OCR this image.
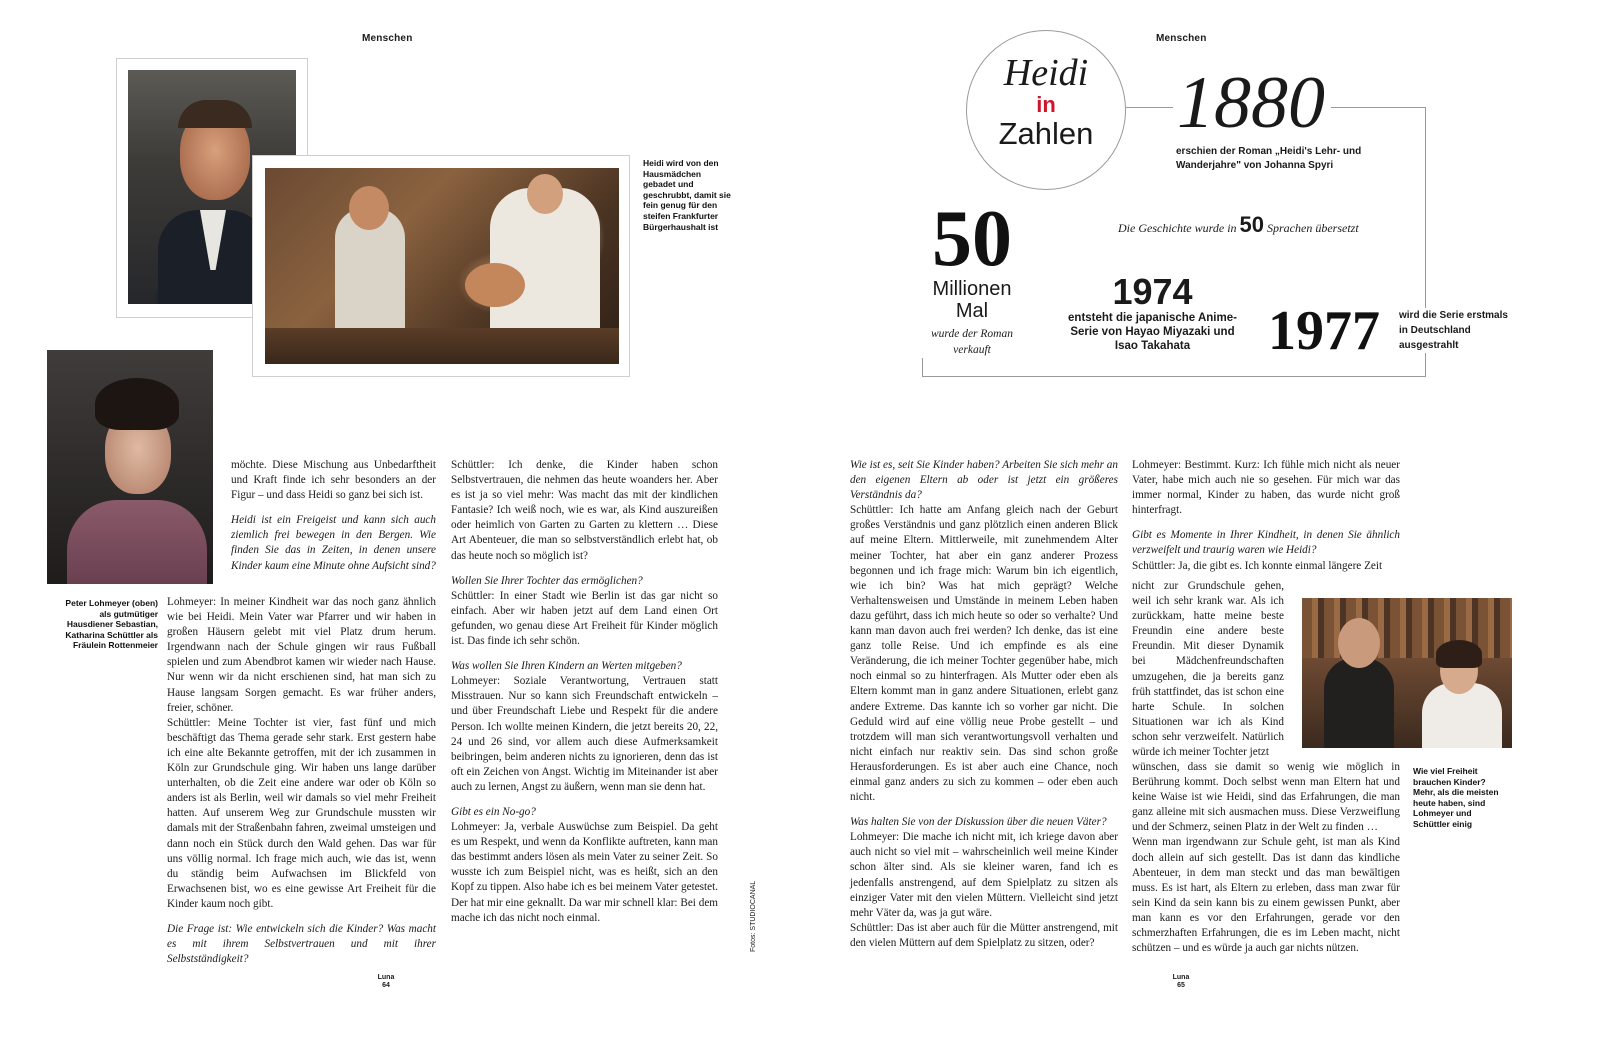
Menschen
Heidi wird von den Hausmädchen gebadet und geschrubbt, damit sie fein genug für den steifen Frankfurter Bürgerhaushalt ist
Peter Lohmeyer (oben) als gutmütiger Hausdiener Sebastian, Katharina Schüttler als Fräulein Rottenmeier

möchte. Diese Mischung aus Unbedarftheit und Kraft finde ich sehr besonders an der Figur – und dass Heidi so ganz bei sich ist.

Heidi ist ein Freigeist und kann sich auch ziemlich frei bewegen in den Bergen. Wie finden Sie das in Zeiten, in denen unsere Kinder kaum eine Minute ohne Aufsicht sind?

Lohmeyer: In meiner Kindheit war das noch ganz ähnlich wie bei Heidi. Mein Vater war Pfarrer und wir haben in großen Häusern gelebt mit viel Platz drum herum. Irgendwann nach der Schule gingen wir raus Fußball spielen und zum Abendbrot kamen wir wieder nach Hause. Nur wenn wir da nicht erschienen sind, hat man sich zu Hause langsam Sorgen gemacht. Es war früher anders, freier, schöner.

Schüttler: Meine Tochter ist vier, fast fünf und mich beschäftigt das Thema gerade sehr stark. Erst gestern habe ich eine alte Bekannte getroffen, mit der ich zusammen in Köln zur Grundschule ging. Wir haben uns lange darüber unterhalten, ob die Zeit eine andere war oder ob Köln so anders ist als Berlin, weil wir damals so viel mehr Freiheit hatten. Auf unserem Weg zur Grundschule mussten wir damals mit der Straßenbahn fahren, zweimal umsteigen und dann noch ein Stück durch den Wald gehen. Das war für uns völlig normal. Ich frage mich auch, wie das ist, wenn du ständig beim Aufwachsen im Blickfeld von Erwachsenen bist, wo es eine gewisse Art Freiheit für die Kinder kaum noch gibt.

Die Frage ist: Wie entwickeln sich die Kinder? Was macht es mit ihrem Selbstvertrauen und mit ihrer Selbstständigkeit?

Schüttler: Ich denke, die Kinder haben schon Selbstvertrauen, die nehmen das heute woanders her. Aber es ist ja so viel mehr: Was macht das mit der kindlichen Fantasie? Ich weiß noch, wie es war, als Kind auszureißen oder heimlich von Garten zu Garten zu klettern … Diese Art Abenteuer, die man so selbstverständlich erlebt hat, ob das heute noch so möglich ist?

Wollen Sie Ihrer Tochter das ermöglichen?

Schüttler: In einer Stadt wie Berlin ist das gar nicht so einfach. Aber wir haben jetzt auf dem Land einen Ort gefunden, wo genau diese Art Freiheit für Kinder möglich ist. Das finde ich sehr schön.

Was wollen Sie Ihren Kindern an Werten mitgeben?

Lohmeyer: Soziale Verantwortung, Vertrauen statt Misstrauen. Nur so kann sich Freundschaft entwickeln – und über Freundschaft Liebe und Respekt für die andere Person. Ich wollte meinen Kindern, die jetzt bereits 20, 22, 24 und 26 sind, vor allem auch diese Aufmerksamkeit beibringen, beim anderen nichts zu ignorieren, denn das ist oft ein Zeichen von Angst. Wichtig im Miteinander ist aber auch zu lernen, Angst zu äußern, wenn man sie denn hat.

Gibt es ein No-go?

Lohmeyer: Ja, verbale Auswüchse zum Beispiel. Da geht es um Respekt, und wenn da Konflikte auftreten, kann man das bestimmt anders lösen als mein Vater zu seiner Zeit. So wusste ich zum Beispiel nicht, was es heißt, sich an den Kopf zu tippen. Also habe ich es bei meinem Vater getestet. Der hat mir eine geknallt. Da war mir schnell klar: Bei dem mache ich das nicht noch einmal.	Fotos: STUDIOCANAL
Luna
64
Menschen
Heidi
in
Zahlen	1880
erschien der Roman „Heidi's Lehr- und Wanderjahre" von Johanna Spyri
Die Geschichte wurde in 50 Sprachen übersetzt
50
Millionen Mal
wurde der Roman verkauft
1974
entsteht die japanische Anime-Serie von Hayao Miyazaki und Isao Takahata	1977 wird die Serie erstmals in Deutschland ausgestrahlt

Wie ist es, seit Sie Kinder haben? Arbeiten Sie sich mehr an den eigenen Eltern ab oder ist jetzt ein größeres Verständnis da?

Schüttler: Ich hatte am Anfang gleich nach der Geburt großes Verständnis und ganz plötzlich einen anderen Blick auf meine Eltern. Mittlerweile, mit zunehmendem Alter meiner Tochter, hat aber ein ganz anderer Prozess begonnen und ich frage mich: Warum bin ich eigentlich, wie ich bin? Was hat mich geprägt? Welche Verhaltensweisen und Umstände in meinem Leben haben dazu geführt, dass ich mich heute so oder so verhalte? Und kann man davon auch frei werden? Ich denke, das ist eine ganz tolle Reise. Und ich empfinde es als eine Veränderung, die ich meiner Tochter gegenüber habe, mich noch einmal so zu hinterfragen. Als Mutter oder eben als Eltern kommt man in ganz andere Situationen, erlebt ganz andere Extreme. Das kannte ich so vorher gar nicht. Die Geduld wird auf eine völlig neue Probe gestellt – und trotzdem will man sich verantwortungsvoll verhalten und nicht einfach nur reaktiv sein. Das sind schon große Herausforderungen. Es ist aber auch eine Chance, noch einmal ganz anders zu sich zu kommen – oder eben auch nicht.

Was halten Sie von der Diskussion über die neuen Väter?

Lohmeyer: Die mache ich nicht mit, ich kriege davon aber auch nicht so viel mit – wahrscheinlich weil meine Kinder schon älter sind. Als sie kleiner waren, fand ich es jedenfalls anstrengend, auf dem Spielplatz zu sitzen als einziger Vater mit den vielen Müttern. Vielleicht sind jetzt mehr Väter da, was ja gut wäre.

Schüttler: Das ist aber auch für die Mütter anstrengend, mit den vielen Müttern auf dem Spielplatz zu sitzen, oder?

Lohmeyer: Bestimmt. Kurz: Ich fühle mich nicht als neuer Vater, habe mich auch nie so gesehen. Für mich war das immer normal, Kinder zu haben, das wurde nicht groß hinterfragt.

Gibt es Momente in Ihrer Kindheit, in denen Sie ähnlich verzweifelt und traurig waren wie Heidi?

Schüttler: Ja, die gibt es. Ich konnte einmal längere Zeit

nicht zur Grundschule gehen, weil ich sehr krank war. Als ich zurückkam, hatte meine beste Freundin eine andere beste Freundin. Mit dieser Dynamik bei Mädchenfreundschaften umzugehen, die ja bereits ganz früh stattfindet, das ist schon eine harte Schule. In solchen Situationen war ich als Kind schon sehr verzweifelt. Natürlich würde ich meiner Tochter jetzt

wünschen, dass sie damit so wenig wie möglich in Berührung kommt. Doch selbst wenn man Eltern hat und keine Waise ist wie Heidi, sind das Erfahrungen, die man ganz alleine mit sich ausmachen muss. Diese Verzweiflung und der Schmerz, seinen Platz in der Welt zu finden …

Wenn man irgendwann zur Schule geht, ist man als Kind doch allein auf sich gestellt. Das ist dann das kindliche Abenteuer, in dem man steckt und das man bewältigen muss. Es ist hart, als Eltern zu erleben, dass man zwar für sein Kind da sein kann bis zu einem gewissen Punkt, aber man kann es vor den Erfahrungen, gerade vor den schmerzhaften Erfahrungen, die es im Leben macht, nicht schützen – und es würde ja auch gar nichts nützen.

Wie viel Freiheit brauchen Kinder? Mehr, als die meisten heute haben, sind Lohmeyer und Schüttler einig
Luna
65
